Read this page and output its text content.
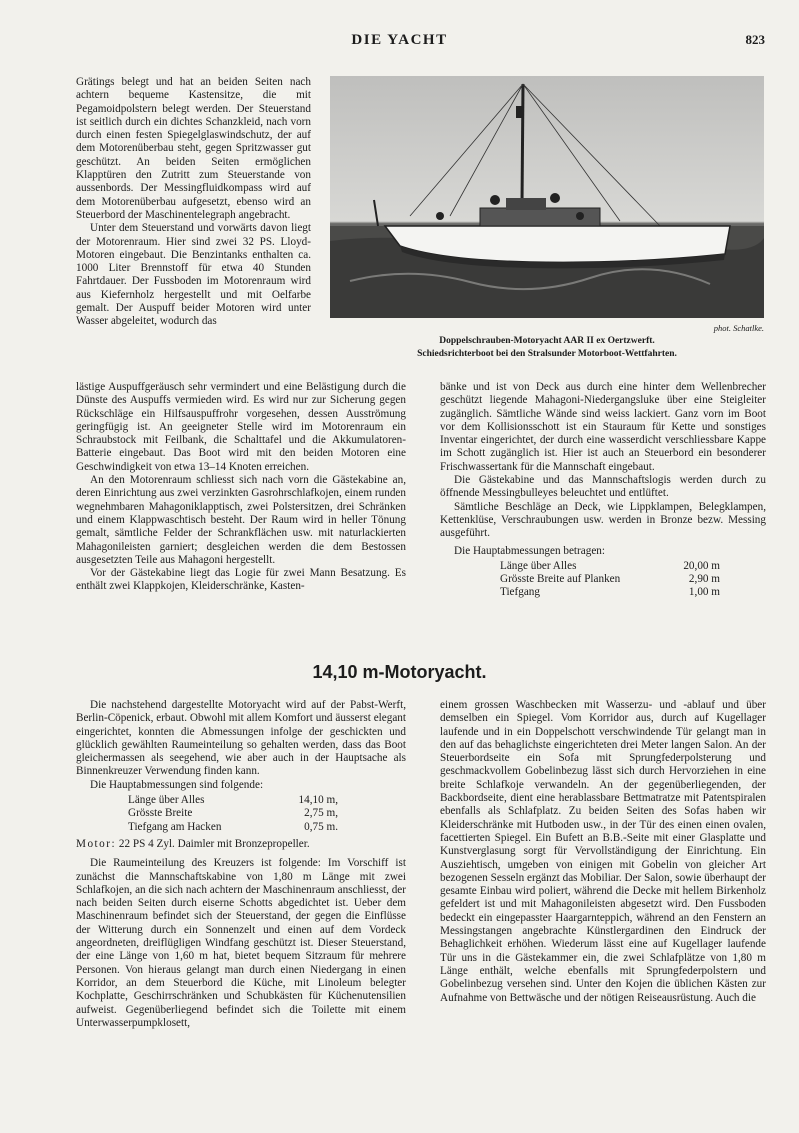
DIE YACHT	823
phot. Schatlke.
Doppelschrauben-Motoryacht AAR II ex Oertzwerft.
Schiedsrichterboot bei den Stralsunder Motorboot-Wettfahrten.

Grätings belegt und hat an beiden Seiten nach achtern bequeme Kastensitze, die mit Pegamoidpolstern belegt werden. Der Steuerstand ist seitlich durch ein dichtes Schanzkleid, nach vorn durch einen festen Spiegelglaswindschutz, der auf dem Motorenüberbau steht, gegen Spritzwasser gut geschützt. An beiden Seiten ermöglichen Klapptüren den Zutritt zum Steuerstande von aussenbords. Der Messingfluidkompass wird auf dem Motorenüberbau aufgesetzt, ebenso wird an Steuerbord der Maschinentelegraph angebracht.

Unter dem Steuerstand und vorwärts davon liegt der Motorenraum. Hier sind zwei 32 PS. Lloyd-Motoren eingebaut. Die Benzintanks enthalten ca. 1000 Liter Brennstoff für etwa 40 Stunden Fahrtdauer. Der Fussboden im Motorenraum wird aus Kiefernholz hergestellt und mit Oelfarbe gemalt. Der Auspuff beider Motoren wird unter Wasser abgeleitet, wodurch das

lästige Auspuffgeräusch sehr vermindert und eine Belästigung durch die Dünste des Auspuffs vermieden wird. Es wird nur zur Sicherung gegen Rückschläge ein Hilfsauspuffrohr vorgesehen, dessen Ausströmung geringfügig ist. An geeigneter Stelle wird im Motorenraum ein Schraubstock mit Feilbank, die Schalttafel und die Akkumulatoren-Batterie eingebaut. Das Boot wird mit den beiden Motoren eine Geschwindigkeit von etwa 13–14 Knoten erreichen.

An den Motorenraum schliesst sich nach vorn die Gästekabine an, deren Einrichtung aus zwei verzinkten Gasrohrschlafkojen, einem runden wegnehmbaren Mahagoniklapptisch, zwei Polstersitzen, drei Schränken und einem Klappwaschtisch besteht. Der Raum wird in heller Tönung gemalt, sämtliche Felder der Schrankflächen usw. mit naturlackierten Mahagonileisten garniert; desgleichen werden die dem Bestossen ausgesetzten Teile aus Mahagoni hergestellt.

Vor der Gästekabine liegt das Logie für zwei Mann Besatzung. Es enthält zwei Klappkojen, Kleiderschränke, Kasten-

bänke und ist von Deck aus durch eine hinter dem Wellenbrecher geschützt liegende Mahagoni-Niedergangsluke über eine Steigleiter zugänglich. Sämtliche Wände sind weiss lackiert. Ganz vorn im Boot vor dem Kollisionsschott ist ein Stauraum für Kette und sonstiges Inventar eingerichtet, der durch eine wasserdicht verschliessbare Kappe im Schott zugänglich ist. Hier ist auch an Steuerbord ein besonderer Frischwassertank für die Mannschaft eingebaut.

Die Gästekabine und das Mannschaftslogis werden durch zu öffnende Messingbulleyes beleuchtet und entlüftet.

Sämtliche Beschläge an Deck, wie Lippklampen, Belegklampen, Kettenklüse, Verschraubungen usw. werden in Bronze bezw. Messing ausgeführt.

Die Hauptabmessungen betragen:

Länge über Alles	20,00 m
Grösste Breite auf Planken	2,90 m
Tiefgang	1,00 m
14,10 m-Motoryacht.

Die nachstehend dargestellte Motoryacht wird auf der Pabst-Werft, Berlin-Cöpenick, erbaut. Obwohl mit allem Komfort und äusserst elegant eingerichtet, konnten die Abmessungen infolge der geschickten und glücklich gewählten Raumeinteilung so gehalten werden, dass das Boot gleichermassen als seegehend, wie aber auch in der Hauptsache als Binnenkreuzer Verwendung finden kann.

Die Hauptabmessungen sind folgende:

Länge über Alles	14,10 m,
Grösste Breite	2,75 m,
Tiefgang am Hacken	0,75 m.

Motor: 22 PS 4 Zyl. Daimler mit Bronzepropeller.

Die Raumeinteilung des Kreuzers ist folgende: Im Vorschiff ist zunächst die Mannschaftskabine von 1,80 m Länge mit zwei Schlafkojen, an die sich nach achtern der Maschinenraum anschliesst, der nach beiden Seiten durch eiserne Schotts abgedichtet ist. Ueber dem Maschinenraum befindet sich der Steuerstand, der gegen die Einflüsse der Witterung durch ein Sonnenzelt und einen auf dem Vordeck angeordneten, dreiflügligen Windfang geschützt ist. Dieser Steuerstand, der eine Länge von 1,60 m hat, bietet bequem Sitzraum für mehrere Personen. Von hieraus gelangt man durch einen Niedergang in einen Korridor, an dem Steuerbord die Küche, mit Linoleum belegter Kochplatte, Geschirrschränken und Schubkästen für Küchenutensilien aufweist. Gegenüberliegend befindet sich die Toilette mit einem Unterwasserpumpklosett,

einem grossen Waschbecken mit Wasserzu- und -ablauf und über demselben ein Spiegel. Vom Korridor aus, durch auf Kugellager laufende und in ein Doppelschott verschwindende Tür gelangt man in den auf das behaglichste eingerichteten drei Meter langen Salon. An der Steuerbordseite ein Sofa mit Sprungfederpolsterung und geschmackvollem Gobelinbezug lässt sich durch Hervorziehen in eine breite Schlafkoje verwandeln. An der gegenüberliegenden, der Backbordseite, dient eine herablassbare Bettmatratze mit Patentspiralen ebenfalls als Schlafplatz. Zu beiden Seiten des Sofas haben wir Kleiderschränke mit Hutboden usw., in der Tür des einen einen ovalen, facettierten Spiegel. Ein Bufett an B.B.-Seite mit einer Glasplatte und Kunstverglasung sorgt für Vervollständigung der Einrichtung. Ein Ausziehtisch, umgeben von einigen mit Gobelin von gleicher Art bezogenen Sesseln ergänzt das Mobiliar. Der Salon, sowie überhaupt der gesamte Einbau wird poliert, während die Decke mit hellem Birkenholz gefeldert ist und mit Mahagonileisten abgesetzt wird. Den Fussboden bedeckt ein eingepasster Haargarnteppich, während an den Fenstern an Messingstangen angebrachte Künstlergardinen den Eindruck der Behaglichkeit erhöhen. Wiederum lässt eine auf Kugellager laufende Tür uns in die Gästekammer ein, die zwei Schlafplätze von 1,80 m Länge enthält, welche ebenfalls mit Sprungfederpolstern und Gobelinbezug versehen sind. Unter den Kojen die üblichen Kästen zur Aufnahme von Bettwäsche und der nötigen Reiseausrüstung. Auch die
